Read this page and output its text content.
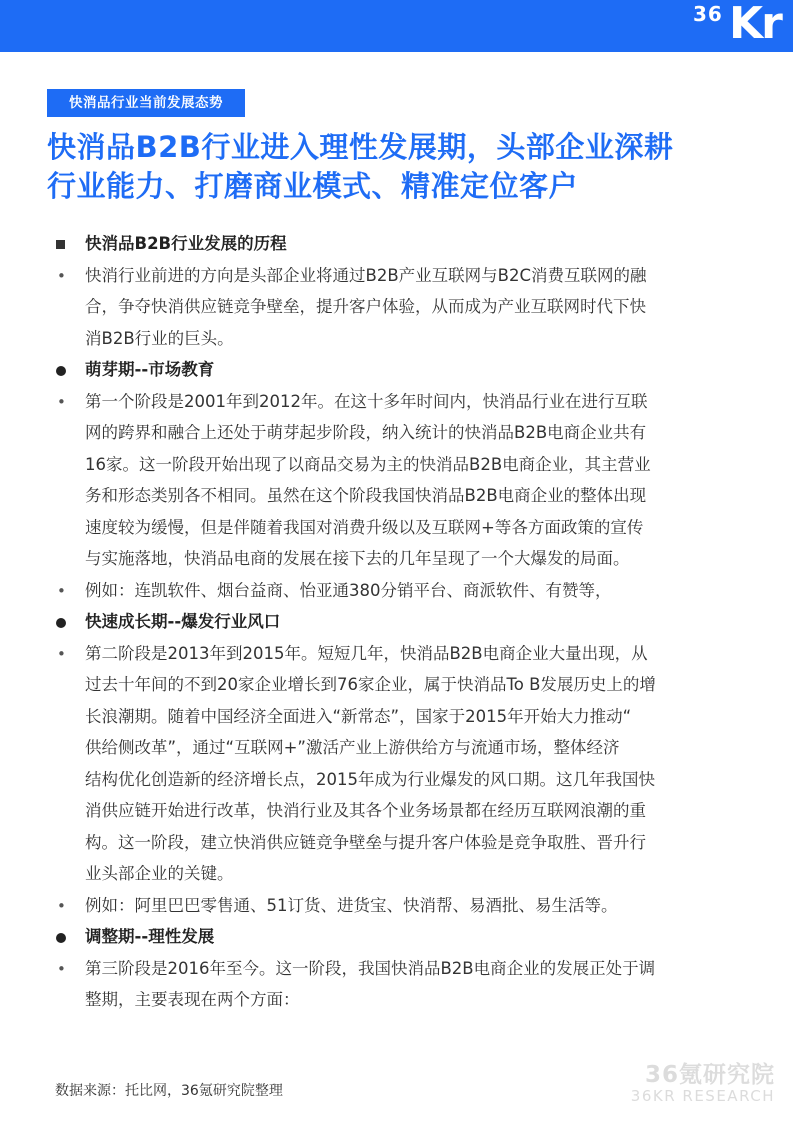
36 Kr
快消品行业当前发展态势
快消品B2B行业进入理性发展期，头部企业深耕
行业能力、打磨商业模式、精准定位客户
快消品B2B行业发展的历程
•	快消行业前进的方向是头部企业将通过B2B产业互联网与B2C消费互联网的融
合，争夺快消供应链竞争壁垒，提升客户体验，从而成为产业互联网时代下快
消B2B行业的巨头。
萌芽期--市场教育
•	第一个阶段是2001年到2012年。在这十多年时间内，快消品行业在进行互联
网的跨界和融合上还处于萌芽起步阶段，纳入统计的快消品B2B电商企业共有
16家。这一阶段开始出现了以商品交易为主的快消品B2B电商企业，其主营业
务和形态类别各不相同。虽然在这个阶段我国快消品B2B电商企业的整体出现
速度较为缓慢，但是伴随着我国对消费升级以及互联网+等各方面政策的宣传
与实施落地，快消品电商的发展在接下去的几年呈现了一个大爆发的局面。
•	例如：连凯软件、烟台益商、怡亚通380分销平台、商派软件、有赞等，
快速成长期--爆发行业风口
•	第二阶段是2013年到2015年。短短几年，快消品B2B电商企业大量出现，从
过去十年间的不到20家企业增长到76家企业，属于快消品To B发展历史上的增
长浪潮期。随着中国经济全面进入“新常态”，国家于2015年开始大力推动“
供给侧改革”，通过“互联网+”激活产业上游供给方与流通市场，整体经济
结构优化创造新的经济增长点，2015年成为行业爆发的风口期。这几年我国快
消供应链开始进行改革，快消行业及其各个业务场景都在经历互联网浪潮的重
构。这一阶段，建立快消供应链竞争壁垒与提升客户体验是竞争取胜、晋升行
业头部企业的关键。
•	例如：阿里巴巴零售通、51订货、进货宝、快消帮、易酒批、易生活等。
调整期--理性发展
•	第三阶段是2016年至今。这一阶段，我国快消品B2B电商企业的发展正处于调
整期，主要表现在两个方面：
数据来源：托比网，36氪研究院整理
36氪研究院
36KR RESEARCH
